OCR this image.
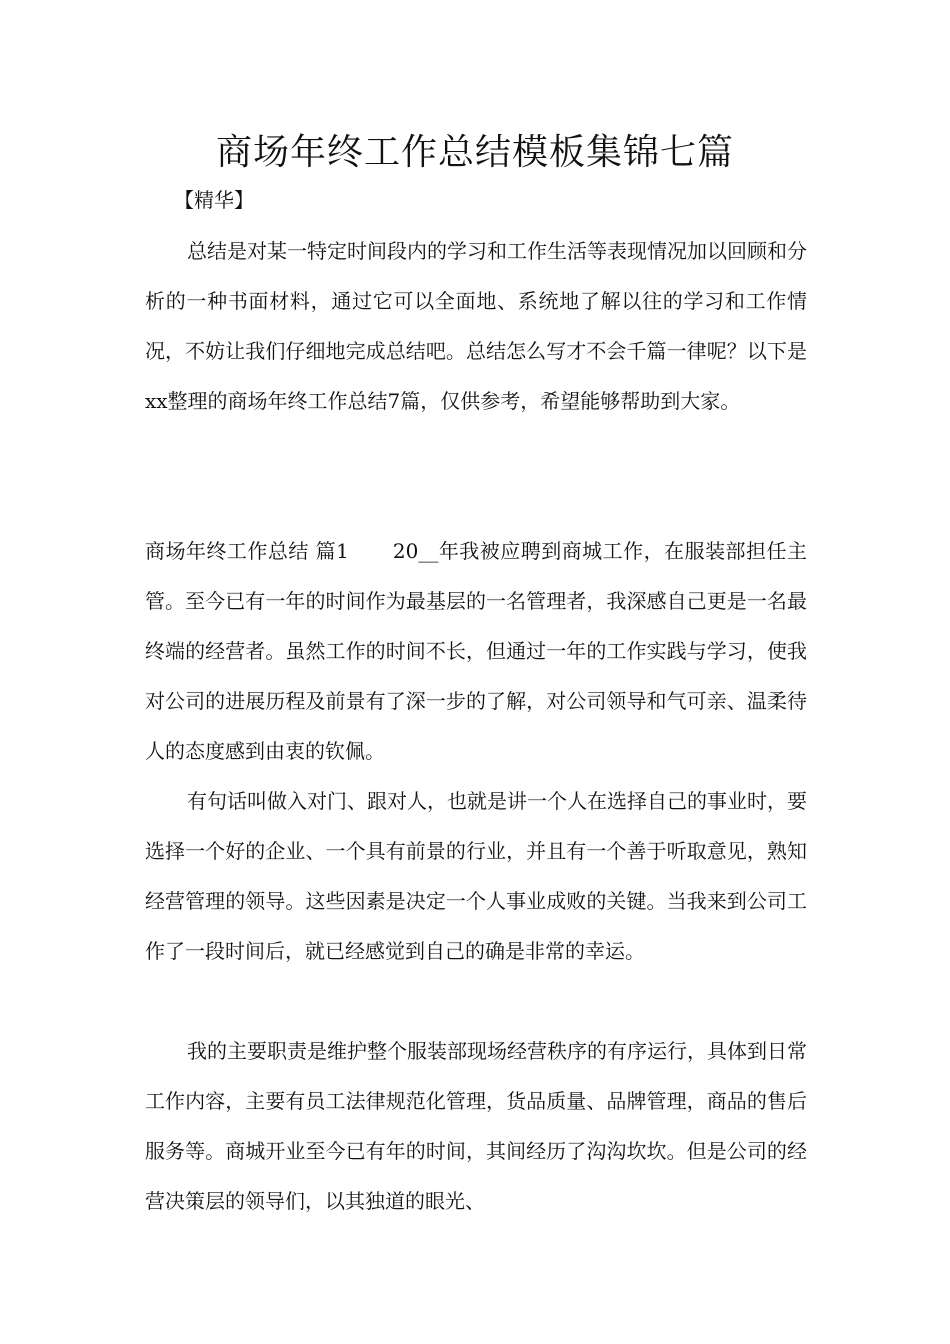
商场年终工作总结模板集锦七篇

【精华】

总结是对某一特定时间段内的学习和工作生活等表现情况加以回顾和分析的一种书面材料，通过它可以全面地、系统地了解以往的学习和工作情况，不妨让我们仔细地完成总结吧。总结怎么写才不会千篇一律呢？以下是xx整理的商场年终工作总结7篇，仅供参考，希望能够帮助到大家。

商场年终工作总结 篇1 20__年我被应聘到商城工作，在服装部担任主管。至今已有一年的时间作为最基层的一名管理者，我深感自己更是一名最终端的经营者。虽然工作的时间不长，但通过一年的工作实践与学习，使我对公司的进展历程及前景有了深一步的了解，对公司领导和气可亲、温柔待人的态度感到由衷的钦佩。

有句话叫做入对门、跟对人，也就是讲一个人在选择自己的事业时，要选择一个好的企业、一个具有前景的行业，并且有一个善于听取意见，熟知经营管理的领导。这些因素是决定一个人事业成败的关键。当我来到公司工作了一段时间后，就已经感觉到自己的确是非常的幸运。

我的主要职责是维护整个服装部现场经营秩序的有序运行，具体到日常工作内容，主要有员工法律规范化管理，货品质量、品牌管理，商品的售后服务等。商城开业至今已有年的时间，其间经历了沟沟坎坎。但是公司的经营决策层的领导们，以其独道的眼光、
